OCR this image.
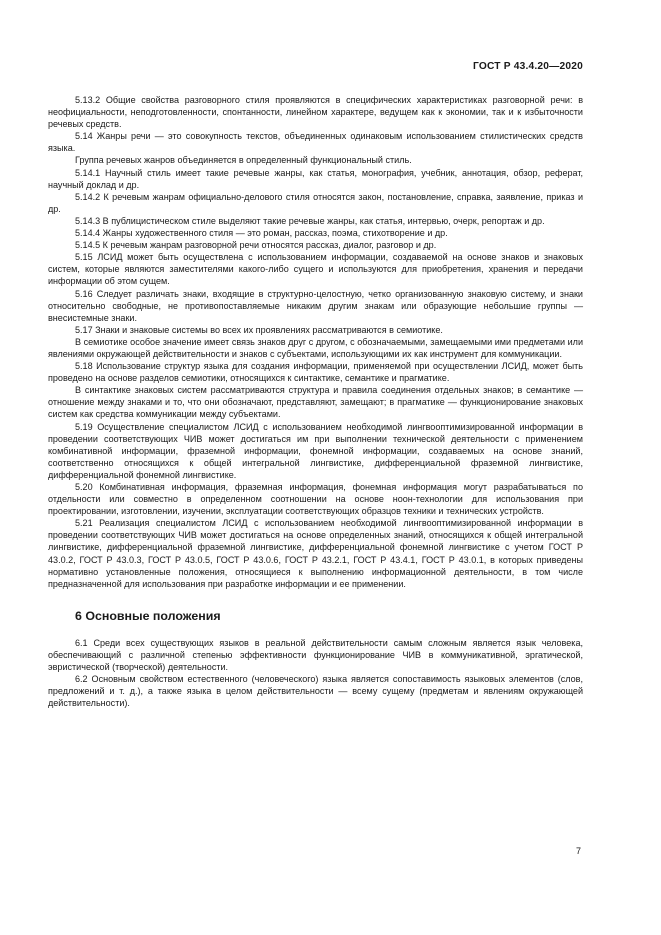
ГОСТ Р 43.4.20—2020

5.13.2 Общие свойства разговорного стиля проявляются в специфических характеристиках разговорной речи: в неофициальности, неподготовленности, спонтанности, линейном характере, ведущем как к экономии, так и к избыточности речевых средств.

5.14 Жанры речи — это совокупность текстов, объединенных одинаковым использованием стилистических средств языка.

Группа речевых жанров объединяется в определенный функциональный стиль.

5.14.1 Научный стиль имеет такие речевые жанры, как статья, монография, учебник, аннотация, обзор, реферат, научный доклад и др.

5.14.2 К речевым жанрам официально-делового стиля относятся закон, постановление, справка, заявление, приказ и др.

5.14.3 В публицистическом стиле выделяют такие речевые жанры, как статья, интервью, очерк, репортаж и др.

5.14.4 Жанры художественного стиля — это роман, рассказ, поэма, стихотворение и др.

5.14.5 К речевым жанрам разговорной речи относятся рассказ, диалог, разговор и др.

5.15 ЛСИД может быть осуществлена с использованием информации, создаваемой на основе знаков и знаковых систем, которые являются заместителями какого-либо сущего и используются для приобретения, хранения и передачи информации об этом сущем.

5.16 Следует различать знаки, входящие в структурно-целостную, четко организованную знаковую систему, и знаки относительно свободные, не противопоставляемые никаким другим знакам или образующие небольшие группы — внесистемные знаки.

5.17 Знаки и знаковые системы во всех их проявлениях рассматриваются в семиотике.

В семиотике особое значение имеет связь знаков друг с другом, с обозначаемыми, замещаемыми ими предметами или явлениями окружающей действительности и знаков с субъектами, использующими их как инструмент для коммуникации.

5.18 Использование структур языка для создания информации, применяемой при осуществлении ЛСИД, может быть проведено на основе разделов семиотики, относящихся к синтактике, семантике и прагматике.

В синтактике знаковых систем рассматриваются структура и правила соединения отдельных знаков; в семантике — отношение между знаками и то, что они обозначают, представляют, замещают; в прагматике — функционирование знаковых систем как средства коммуникации между субъектами.

5.19 Осуществление специалистом ЛСИД с использованием необходимой лингвооптимизированной информации в проведении соответствующих ЧИВ может достигаться им при выполнении технической деятельности с применением комбинативной информации, фраземной информации, фонемной информации, создаваемых на основе знаний, соответственно относящихся к общей интегральной лингвистике, дифференциальной фраземной лингвистике, дифференциальной фонемной лингвистике.

5.20 Комбинативная информация, фраземная информация, фонемная информация могут разрабатываться по отдельности или совместно в определенном соотношении на основе ноон-технологии для использования при проектировании, изготовлении, изучении, эксплуатации соответствующих образцов техники и технических устройств.

5.21 Реализация специалистом ЛСИД с использованием необходимой лингвооптимизированной информации в проведении соответствующих ЧИВ может достигаться на основе определенных знаний, относящихся к общей интегральной лингвистике, дифференциальной фраземной лингвистике, дифференциальной фонемной лингвистике с учетом ГОСТ Р 43.0.2, ГОСТ Р 43.0.3, ГОСТ Р 43.0.5, ГОСТ Р 43.0.6, ГОСТ Р 43.2.1, ГОСТ Р 43.4.1, ГОСТ Р 43.0.1, в которых приведены нормативно установленные положения, относящиеся к выполнению информационной деятельности, в том числе предназначенной для использования при разработке информации и ее применении.

6 Основные положения

6.1 Среди всех существующих языков в реальной действительности самым сложным является язык человека, обеспечивающий с различной степенью эффективности функционирование ЧИВ в коммуникативной, эргатической, эвристической (творческой) деятельности.

6.2 Основным свойством естественного (человеческого) языка является сопоставимость языковых элементов (слов, предложений и т. д.), а также языка в целом действительности — всему сущему (предметам и явлениям окружающей действительности).

7
